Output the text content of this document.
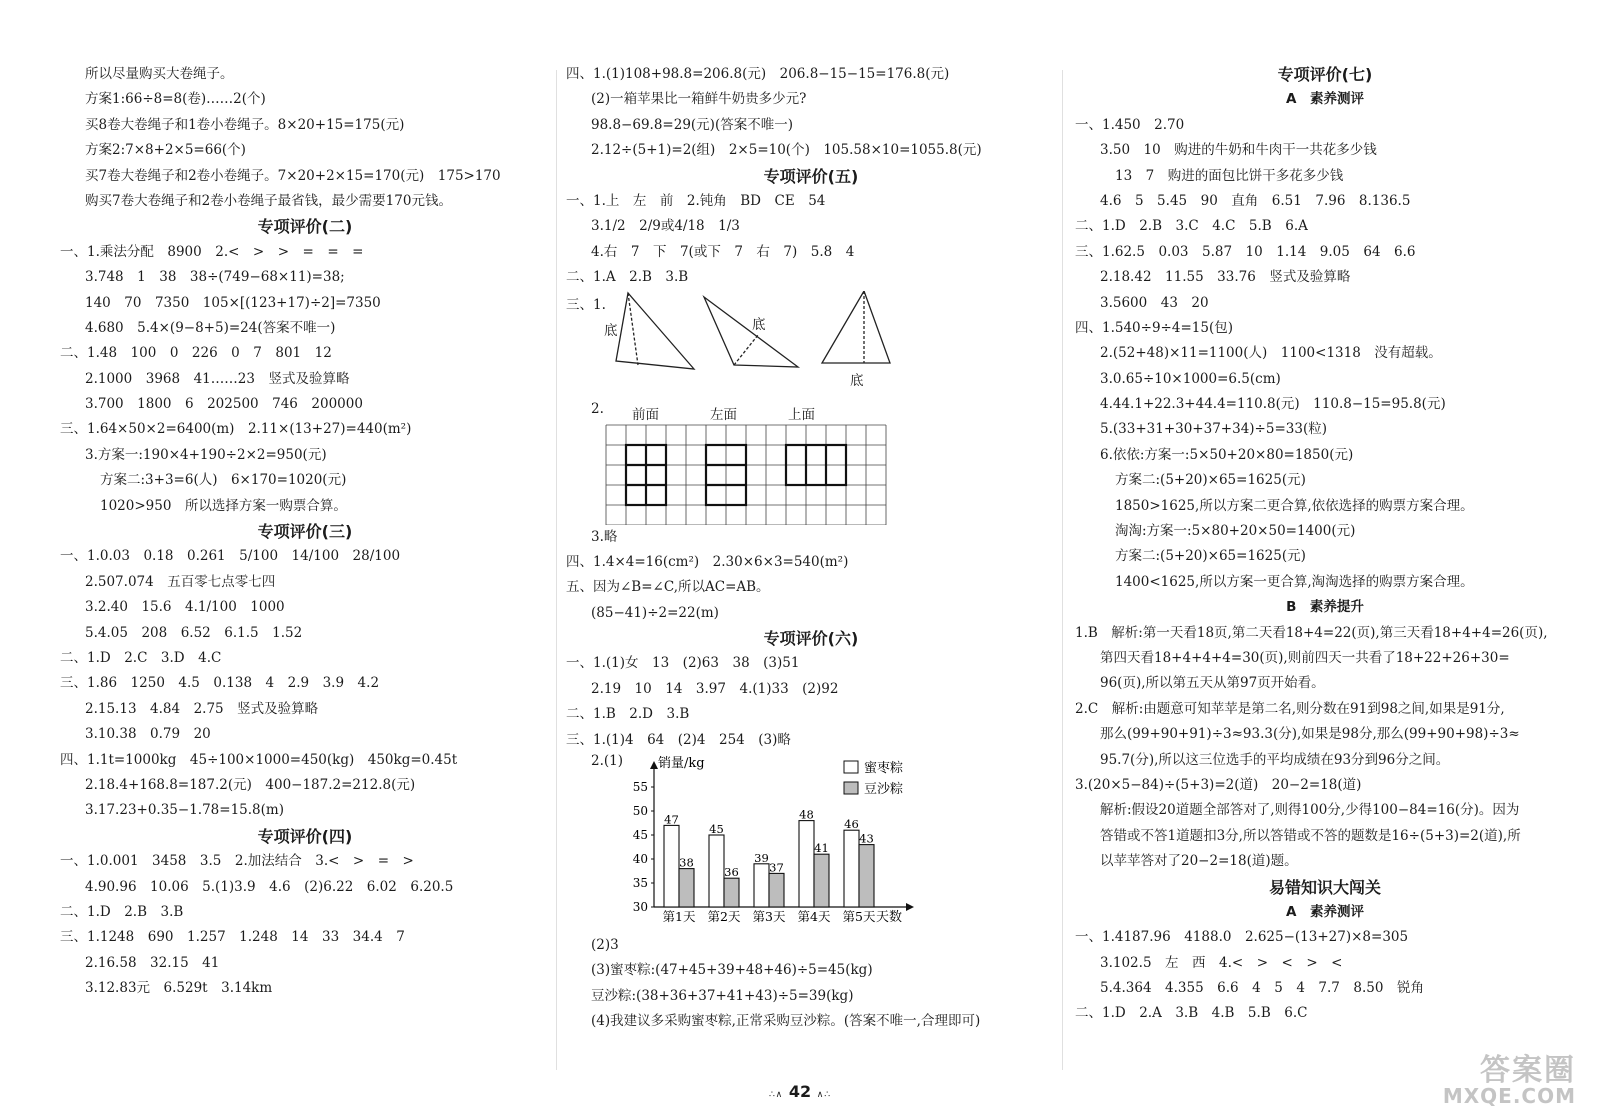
所以尽量购买大卷绳子。
方案1:66÷8=8(卷)……2(个)
买8卷大卷绳子和1卷小卷绳子。8×20+15=175(元)
方案2:7×8+2×5=66(个)
买7卷大卷绳子和2卷小卷绳子。7×20+2×15=170(元)　175>170
购买7卷大卷绳子和2卷小卷绳子最省钱，最少需要170元钱。
专项评价(二)
一、1.乘法分配　8900　2.<　>　>　=　=　=
3.748　1　38　38÷(749−68×11)=38;
140　70　7350　105×[(123+17)÷2]=7350
4.680　5.4×(9−8+5)=24(答案不唯一)
二、1.48　100　0　226　0　7　801　12
2.1000　3968　41……23　竖式及验算略
3.700　1800　6　202500　746　200000
三、1.64×50×2=6400(m)　2.11×(13+27)=440(m²)
3.方案一:190×4+190÷2×2=950(元)
方案二:3+3=6(人)　6×170=1020(元)
1020>950　所以选择方案一购票合算。
专项评价(三)
一、1.0.03　0.18　0.261　5/100　14/100　28/100
2.507.074　五百零七点零七四
3.2.40　15.6　4.1/100　1000
5.4.05　208　6.52　6.1.5　1.52
二、1.D　2.C　3.D　4.C
三、1.86　1250　4.5　0.138　4　2.9　3.9　4.2
2.15.13　4.84　2.75　竖式及验算略
3.10.38　0.79　20
四、1.1t=1000kg　45÷100×1000=450(kg)　450kg=0.45t
2.18.4+168.8=187.2(元)　400−187.2=212.8(元)
3.17.23+0.35−1.78=15.8(m)
专项评价(四)
一、1.0.001　3458　3.5　2.加法结合　3.<　>　=　>
4.90.96　10.06　5.(1)3.9　4.6　(2)6.22　6.02　6.20.5
二、1.D　2.B　3.B
三、1.1248　690　1.257　1.248　14　33　34.4　7
2.16.58　32.15　41
3.12.83元　6.529t　3.14km
四、1.(1)108+98.8=206.8(元)　206.8−15−15=176.8(元)
(2)一箱苹果比一箱鲜牛奶贵多少元?
98.8−69.8=29(元)(答案不唯一)
2.12÷(5+1)=2(组)　2×5=10(个)　105.58×10=1055.8(元)
专项评价(五)
一、1.上　左　前　2.钝角　BD　CE　54
3.1/2　2/9或4/18　1/3
4.右　7　下　7(或下　7　右　7)　5.8　4
二、1.A　2.B　3.B
三、1.
底	底
底
2. 前面	左面	上面
3.略
四、1.4×4=16(cm²)　2.30×6×3=540(m²)
五、因为∠B=∠C,所以AC=AB。
(85−41)÷2=22(m)
专项评价(六)
一、1.(1)女　13　(2)63　38　(3)51
2.19　10　14　3.97　4.(1)33　(2)92
二、1.B　2.D　3.B
三、1.(1)4　64　(2)4　254　(3)略
2.(1)	销量/kg
天数
30
35
40
45
50
55
47
38
第1天
45
36
第2天
39
37
第3天
48
41
第4天
46
43
第5天
蜜枣粽
豆沙粽
(2)3
(3)蜜枣粽:(47+45+39+48+46)÷5=45(kg)
豆沙粽:(38+36+37+41+43)÷5=39(kg)
(4)我建议多采购蜜枣粽,正常采购豆沙粽。(答案不唯一,合理即可)
专项评价(七)
A　素养测评
一、1.450　2.70
3.50　10　购进的牛奶和牛肉干一共花多少钱
13　7　购进的面包比饼干多花多少钱
4.6　5　5.45　90　直角　6.51　7.96　8.136.5
二、1.D　2.B　3.C　4.C　5.B　6.A
三、1.62.5　0.03　5.87　10　1.14　9.05　64　6.6
2.18.42　11.55　33.76　竖式及验算略
3.5600　43　20
四、1.540÷9÷4=15(包)
2.(52+48)×11=1100(人)　1100<1318　没有超载。
3.0.65÷10×1000=6.5(cm)
4.44.1+22.3+44.4=110.8(元)　110.8−15=95.8(元)
5.(33+31+30+37+34)÷5=33(粒)
6.依依:方案一:5×50+20×80=1850(元)
方案二:(5+20)×65=1625(元)
1850>1625,所以方案二更合算,依依选择的购票方案合理。
淘淘:方案一:5×80+20×50=1400(元)
方案二:(5+20)×65=1625(元)
1400<1625,所以方案一更合算,淘淘选择的购票方案合理。
B　素养提升
1.B　解析:第一天看18页,第二天看18+4=22(页),第三天看18+4+4=26(页),
第四天看18+4+4+4=30(页),则前四天一共看了18+22+26+30=
96(页),所以第五天从第97页开始看。
2.C　解析:由题意可知苹苹是第二名,则分数在91到98之间,如果是91分,
那么(99+90+91)÷3≈93.3(分),如果是98分,那么(99+90+98)÷3≈
95.7(分),所以这三位选手的平均成绩在93分到96分之间。
3.(20×5−84)÷(5+3)=2(道)　20−2=18(道)
解析:假设20道题全部答对了,则得100分,少得100−84=16(分)。因为
答错或不答1道题扣3分,所以答错或不答的题数是16÷(5+3)=2(道),所
以苹苹答对了20−2=18(道)题。
易错知识大闯关
A　素养测评
一、1.4187.96　4188.0　2.625−(13+27)×8=305
3.102.5　左　西　4.<　>　<　>　<
5.4.364　4.355　6.6　4　5　4　7.7　8.50　锐角
二、1.D　2.A　3.B　4.B　5.B　6.C
∴∧ 42 ∧∴
答案圈
MXQE.COM
